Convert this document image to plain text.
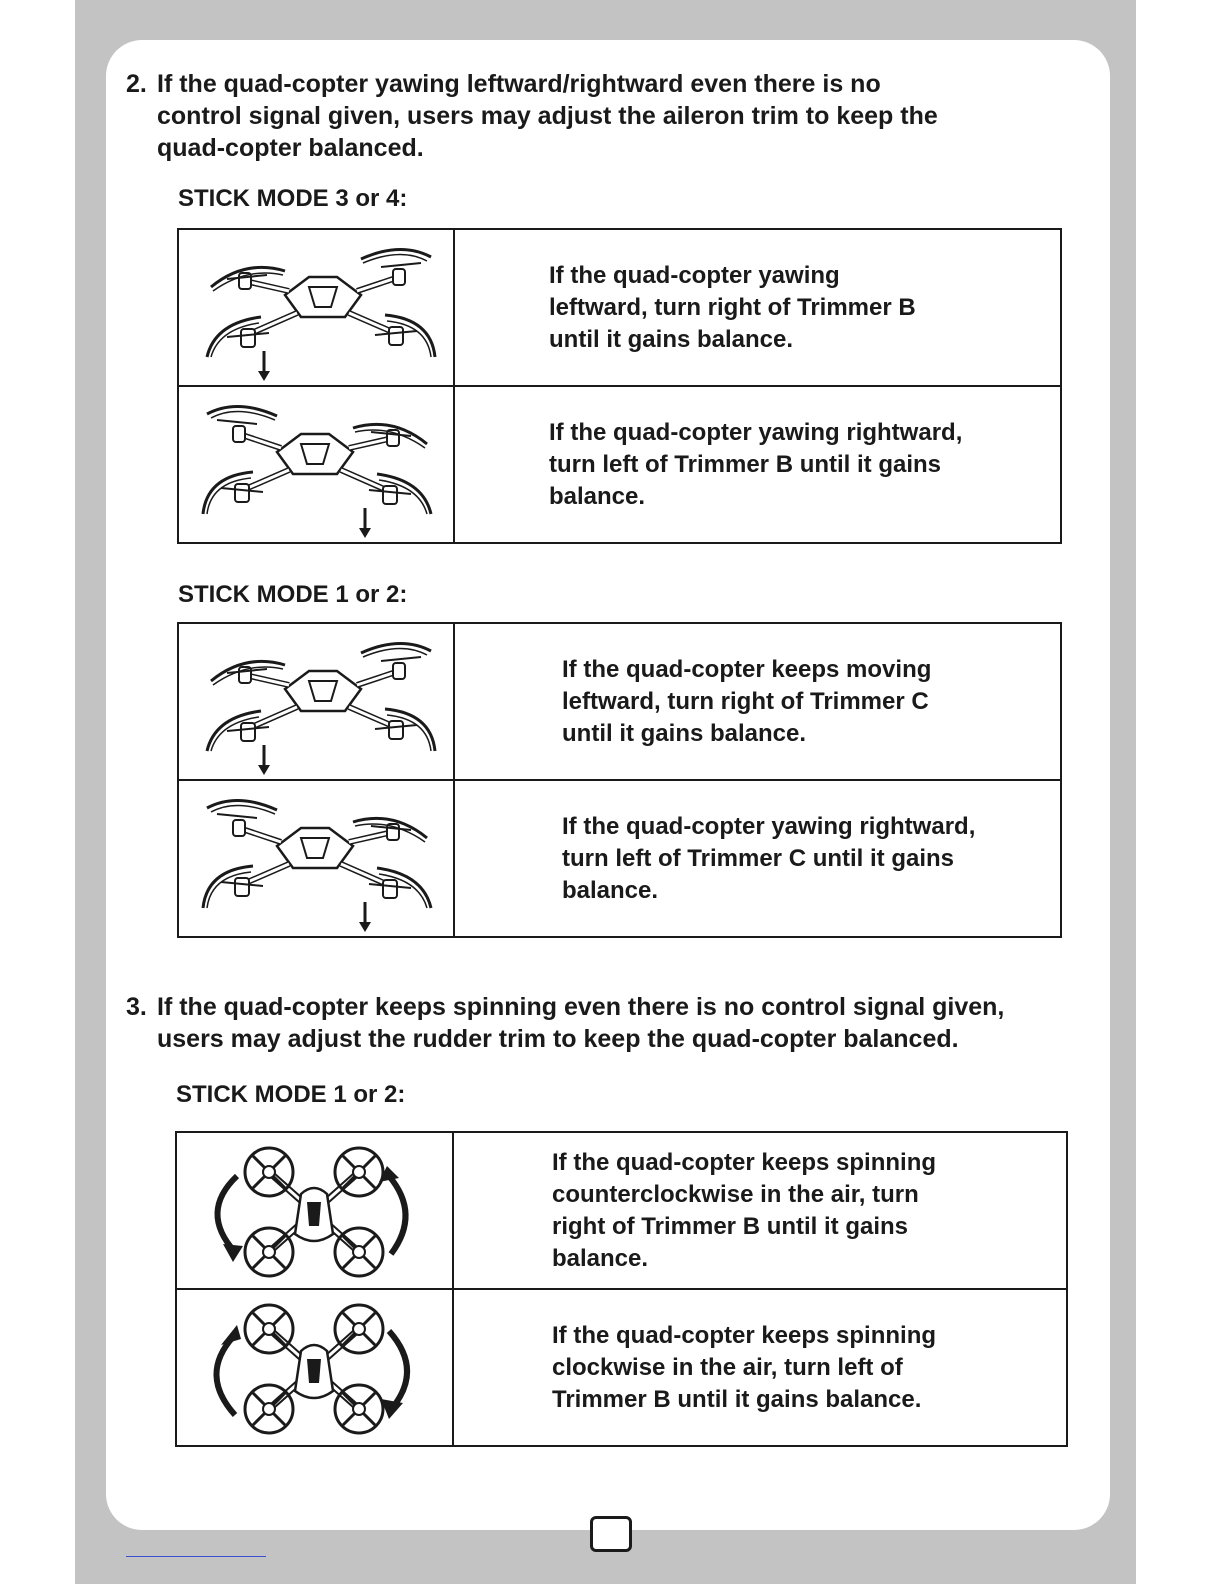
2. If the quad-copter yawing leftward/rightward even there is no
control signal given, users may adjust the aileron trim to keep the
quad-copter balanced.
STICK MODE 3 or 4:

If the quad-copter yawing
leftward, turn right of Trimmer B
until it gains balance.

If the quad-copter yawing rightward,
turn left of Trimmer B until it gains
balance.
STICK MODE 1 or 2:

If the quad-copter keeps moving
leftward, turn right of Trimmer C
until it gains balance.

If the quad-copter yawing rightward,
turn left of Trimmer C until it gains
balance.
3. If the quad-copter keeps spinning even there is no control signal given,
users may adjust the rudder trim to keep the quad-copter balanced.
STICK MODE 1 or 2:

If the quad-copter keeps spinning
counterclockwise in the air, turn
right of Trimmer B until it gains
balance.

If the quad-copter keeps spinning
clockwise in the air, turn left of
Trimmer B until it gains balance.
